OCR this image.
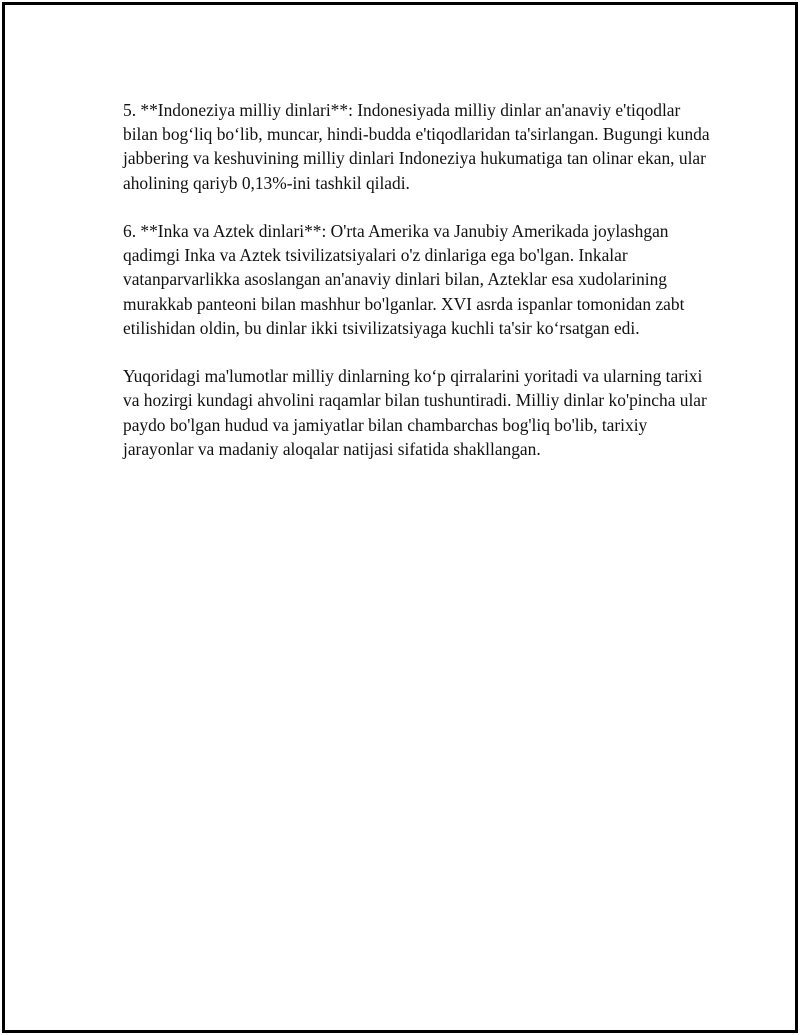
5. **Indoneziya milliy dinlari**: Indonesiyada milliy dinlar an'anaviy e'tiqodlar bilan bog‘liq bo‘lib, muncar, hindi-budda e'tiqodlaridan ta'sirlangan. Bugungi kunda jabbering va keshuvining milliy dinlari Indoneziya hukumatiga tan olinar ekan, ular aholining qariyb 0,13%-ini tashkil qiladi.

6. **Inka va Aztek dinlari**: O'rta Amerika va Janubiy Amerikada joylashgan qadimgi Inka va Aztek tsivilizatsiyalari o'z dinlariga ega bo'lgan. Inkalar vatanparvarlikka asoslangan an'anaviy dinlari bilan, Azteklar esa xudolarining murakkab panteoni bilan mashhur bo'lganlar. XVI asrda ispanlar tomonidan zabt etilishidan oldin, bu dinlar ikki tsivilizatsiyaga kuchli ta'sir ko‘rsatgan edi.

Yuqoridagi ma'lumotlar milliy dinlarning ko‘p qirralarini yoritadi va ularning tarixi va hozirgi kundagi ahvolini raqamlar bilan tushuntiradi. Milliy dinlar ko'pincha ular paydo bo'lgan hudud va jamiyatlar bilan chambarchas bog'liq bo'lib, tarixiy jarayonlar va madaniy aloqalar natijasi sifatida shakllangan.
